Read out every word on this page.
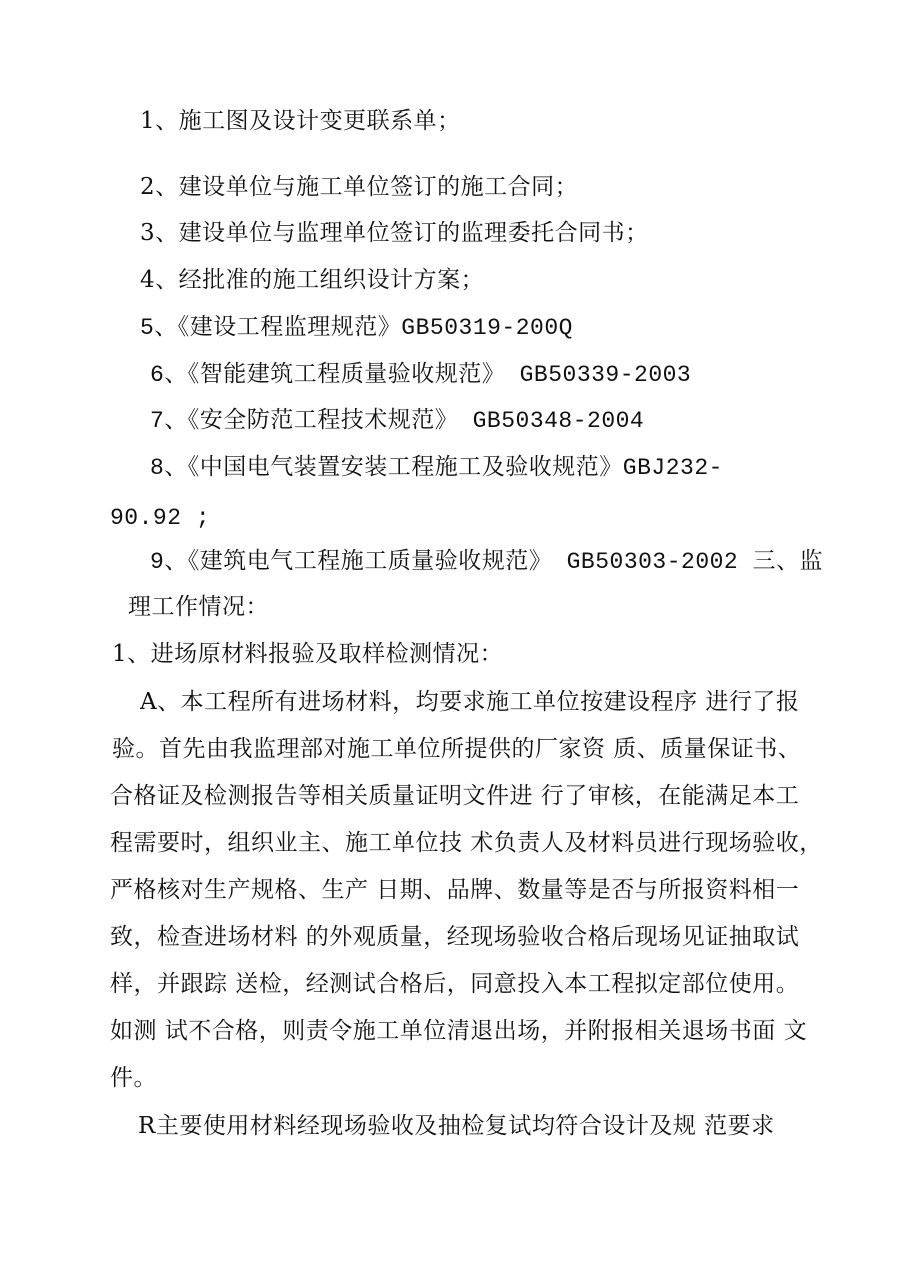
1、施工图及设计变更联系单；
2、建设单位与施工单位签订的施工合同；
3、建设单位与监理单位签订的监理委托合同书；
4、经批准的施工组织设计方案；
5、《建设工程监理规范》GB50319-200Q
6、《智能建筑工程质量验收规范》 GB50339-2003
7、《安全防范工程技术规范》 GB50348-2004
8、《中国电气装置安装工程施工及验收规范》GBJ232-
90.92 ;
9、《建筑电气工程施工质量验收规范》 GB50303-2002 三、监
理工作情况：
1、进场原材料报验及取样检测情况：
A、本工程所有进场材料，均要求施工单位按建设程序 进行了报
验。首先由我监理部对施工单位所提供的厂家资 质、质量保证书、
合格证及检测报告等相关质量证明文件进 行了审核，在能满足本工
程需要时，组织业主、施工单位技 术负责人及材料员进行现场验收，
严格核对生产规格、生产 日期、品牌、数量等是否与所报资料相一
致，检查进场材料 的外观质量，经现场验收合格后现场见证抽取试
样，并跟踪 送检，经测试合格后，同意投入本工程拟定部位使用。
如测 试不合格，则责令施工单位清退出场，并附报相关退场书面 文
件。
R主要使用材料经现场验收及抽检复试均符合设计及规 范要求
